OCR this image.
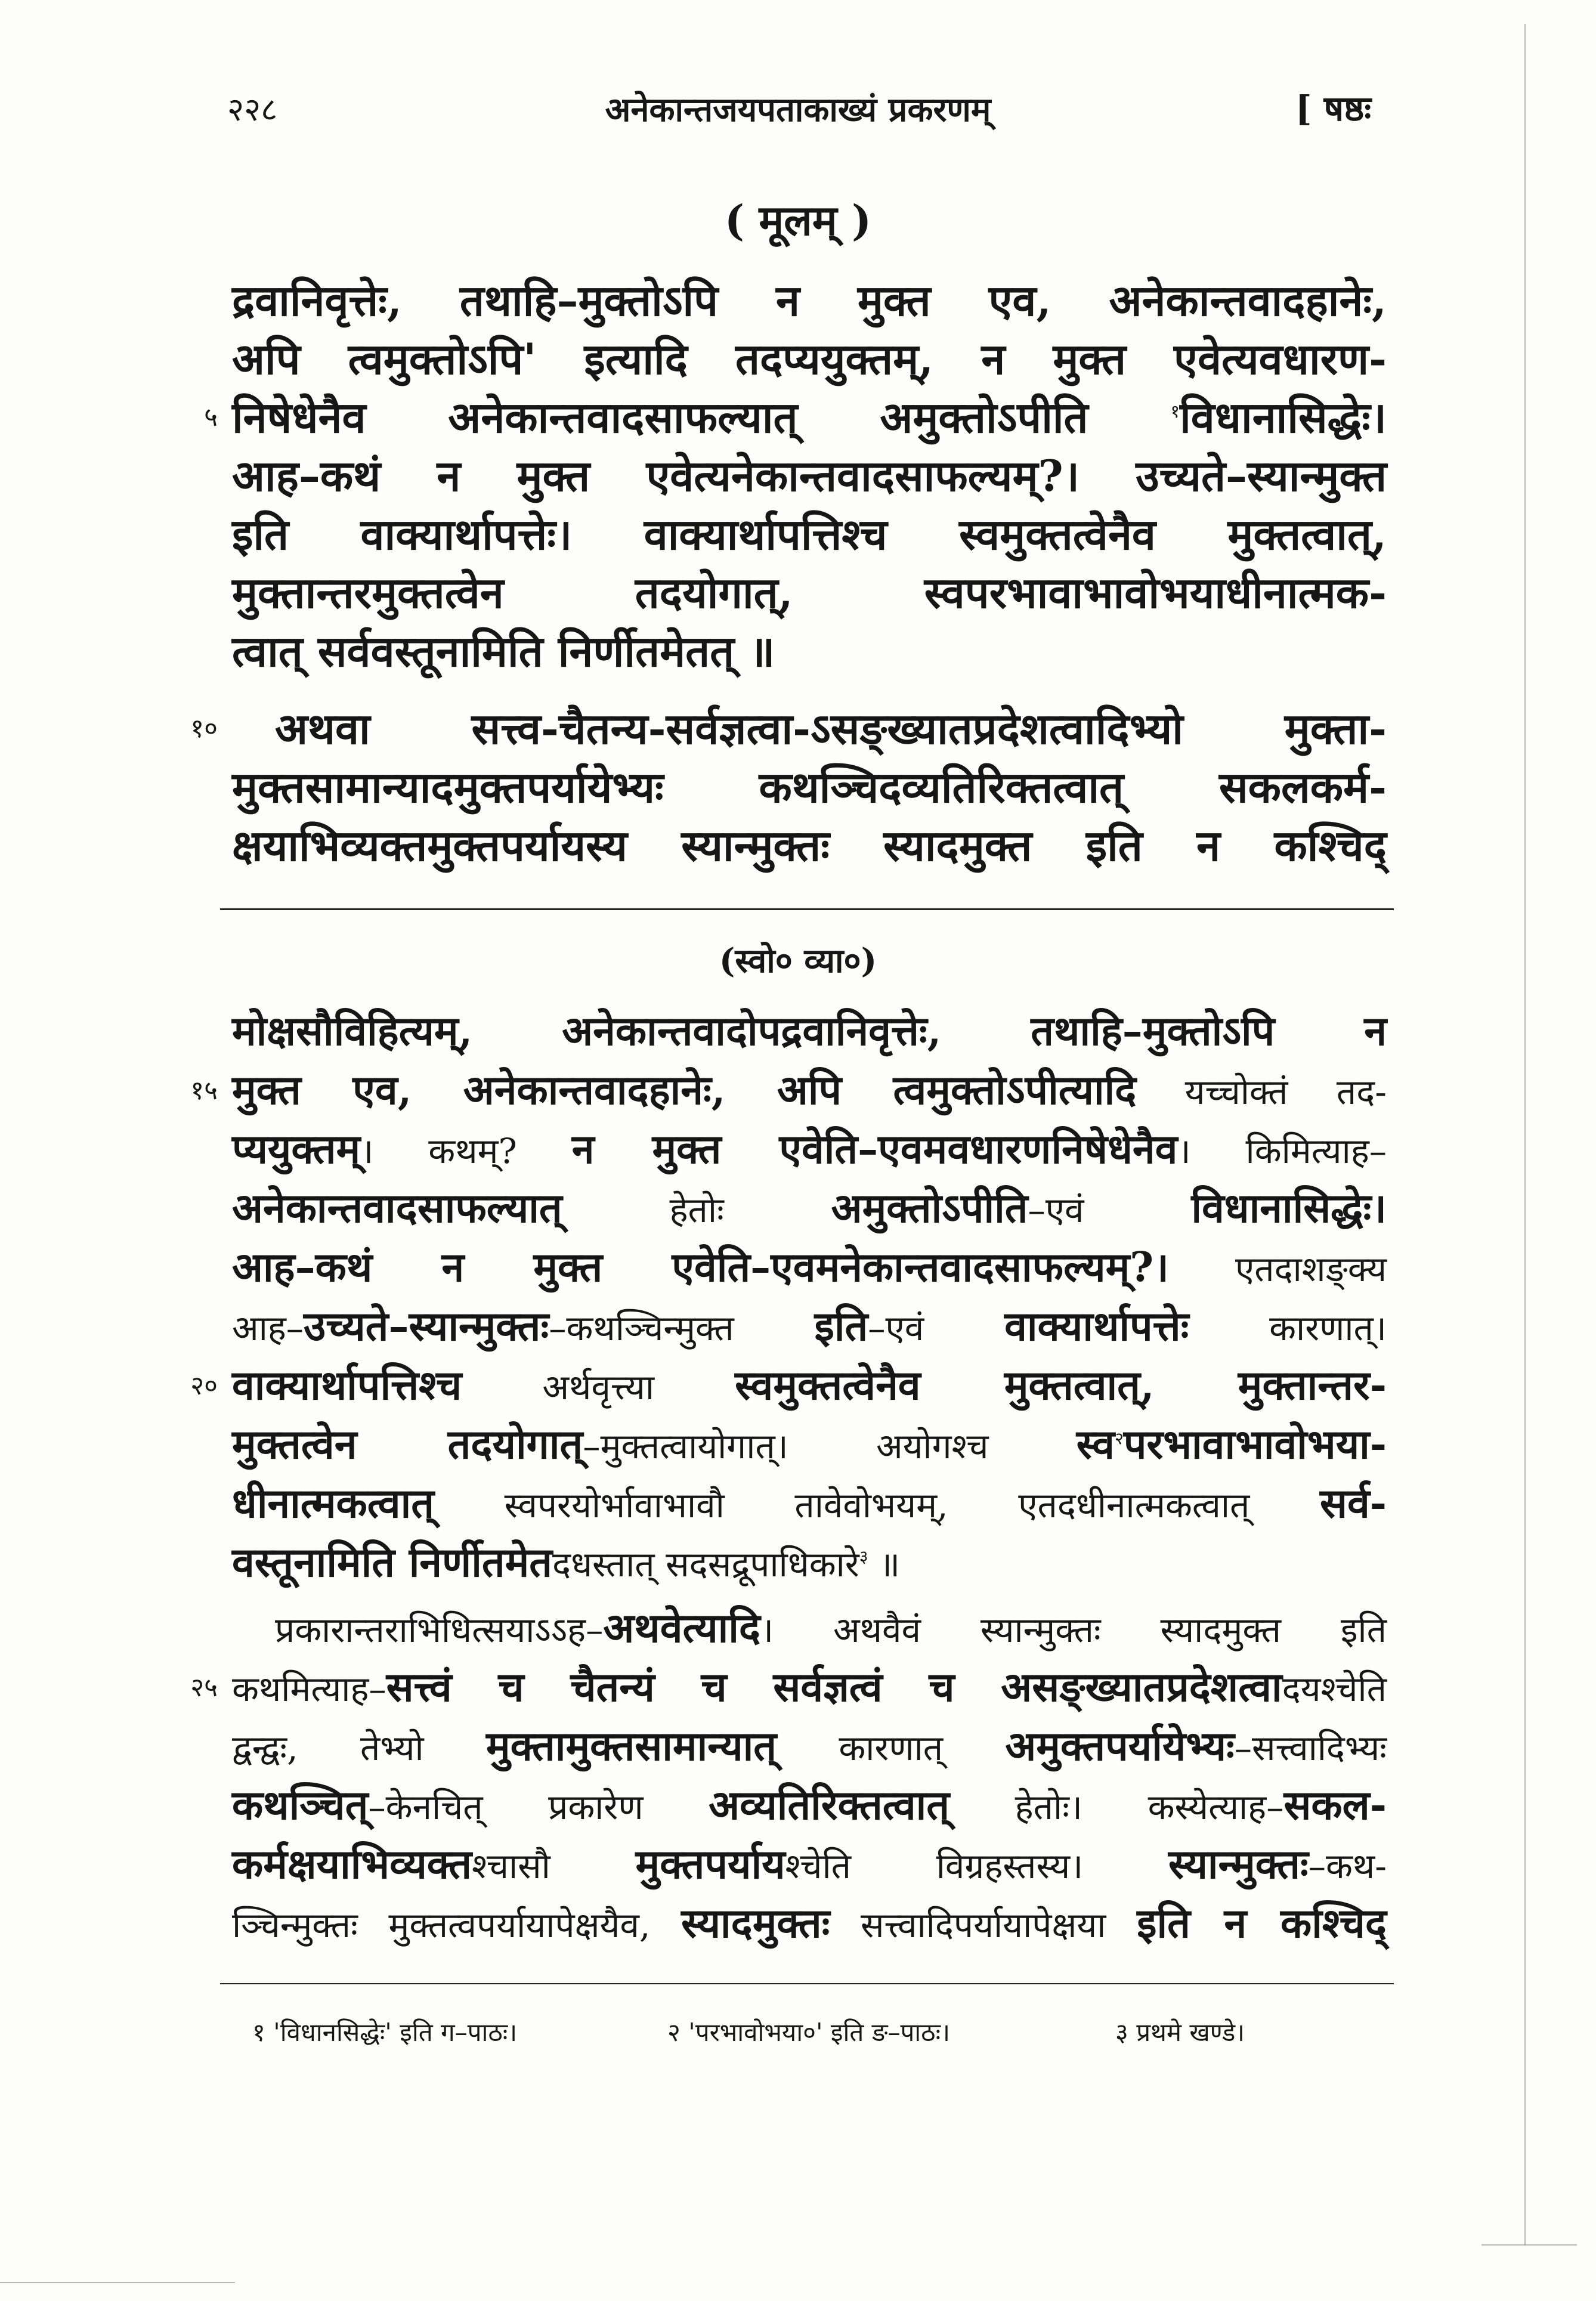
२२८	अनेकान्तजयपताकाख्यं प्रकरणम्	[ षष्ठः
( मूलम् )
द्रवानिवृत्तेः, तथाहि–मुक्तोऽपि न मुक्त एव, अनेकान्तवादहानेः,
अपि त्वमुक्तोऽपि' इत्यादि तदप्ययुक्तम्, न मुक्त एवेत्यवधारण-
५ निषेधेनैव अनेकान्तवादसाफल्यात् अमुक्तोऽपीति $^१$विधानासिद्धेः।
आह–कथं न मुक्त एवेत्यनेकान्तवादसाफल्यम्?। उच्यते–स्यान्मुक्त
इति वाक्यार्थापत्तेः। वाक्यार्थापत्तिश्च स्वमुक्तत्वेनैव मुक्तत्वात्,
मुक्तान्तरमुक्तत्वेन तदयोगात्, स्वपरभावाभावोभयाधीनात्मक-
त्वात् सर्ववस्तूनामिति निर्णीतमेतत् ॥
१० अथवा सत्त्व-चैतन्य-सर्वज्ञत्वा-ऽसङ्ख्यातप्रदेशत्वादिभ्यो मुक्ता-
मुक्तसामान्यादमुक्तपर्यायेभ्यः कथञ्चिदव्यतिरिक्तत्वात् सकलकर्म-
क्षयाभिव्यक्तमुक्तपर्यायस्य स्यान्मुक्तः स्यादमुक्त इति न कश्चिद्
(स्वो० व्या०)
मोक्षसौविहित्यम्, अनेकान्तवादोपद्रवानिवृत्तेः, तथाहि–मुक्तोऽपि न
१५ मुक्त एव, अनेकान्तवादहानेः, अपि त्वमुक्तोऽपीत्यादि यच्चोक्तं तद-
प्ययुक्तम्। कथम्? न मुक्त एवेति–एवमवधारणनिषेधेनैव। किमित्याह–
अनेकान्तवादसाफल्यात् हेतोः अमुक्तोऽपीति–एवं विधानासिद्धेः।
आह–कथं न मुक्त एवेति–एवमनेकान्तवादसाफल्यम्?। एतदाशङ्क्य
आह–उच्यते–स्यान्मुक्तः–कथञ्चिन्मुक्त इति–एवं वाक्यार्थापत्तेः कारणात्।
२० वाक्यार्थापत्तिश्च अर्थवृत्त्या स्वमुक्तत्वेनैव मुक्तत्वात्, मुक्तान्तर-
मुक्तत्वेन तदयोगात्–मुक्तत्वायोगात्। अयोगश्च स्व$^२$परभावाभावोभया-
धीनात्मकत्वात् स्वपरयोर्भावाभावौ तावेवोभयम्, एतदधीनात्मकत्वात् सर्व-
वस्तूनामिति निर्णीतमेतदधस्तात् सदसद्रूपाधिकारे$^३$ ॥
प्रकारान्तराभिधित्सयाऽऽह–अथवेत्यादि। अथवैवं स्यान्मुक्तः स्यादमुक्त इति
२५ कथमित्याह–सत्त्वं च चैतन्यं च सर्वज्ञत्वं च असङ्ख्यातप्रदेशत्वादयश्चेति
द्वन्द्वः, तेभ्यो मुक्तामुक्तसामान्यात् कारणात् अमुक्तपर्यायेभ्यः–सत्त्वादिभ्यः
कथञ्चित्–केनचित् प्रकारेण अव्यतिरिक्तत्वात् हेतोः। कस्येत्याह–सकल-
कर्मक्षयाभिव्यक्तश्चासौ मुक्तपर्यायश्चेति विग्रहस्तस्य। स्यान्मुक्तः–कथ-
ञ्चिन्मुक्तः मुक्तत्वपर्यायापेक्षयैव, स्यादमुक्तः सत्त्वादिपर्यायापेक्षया इति न कश्चिद्
१ 'विधानसिद्धेः' इति ग–पाठः।	२ 'परभावोभया०' इति ङ–पाठः।	३ प्रथमे खण्डे।
